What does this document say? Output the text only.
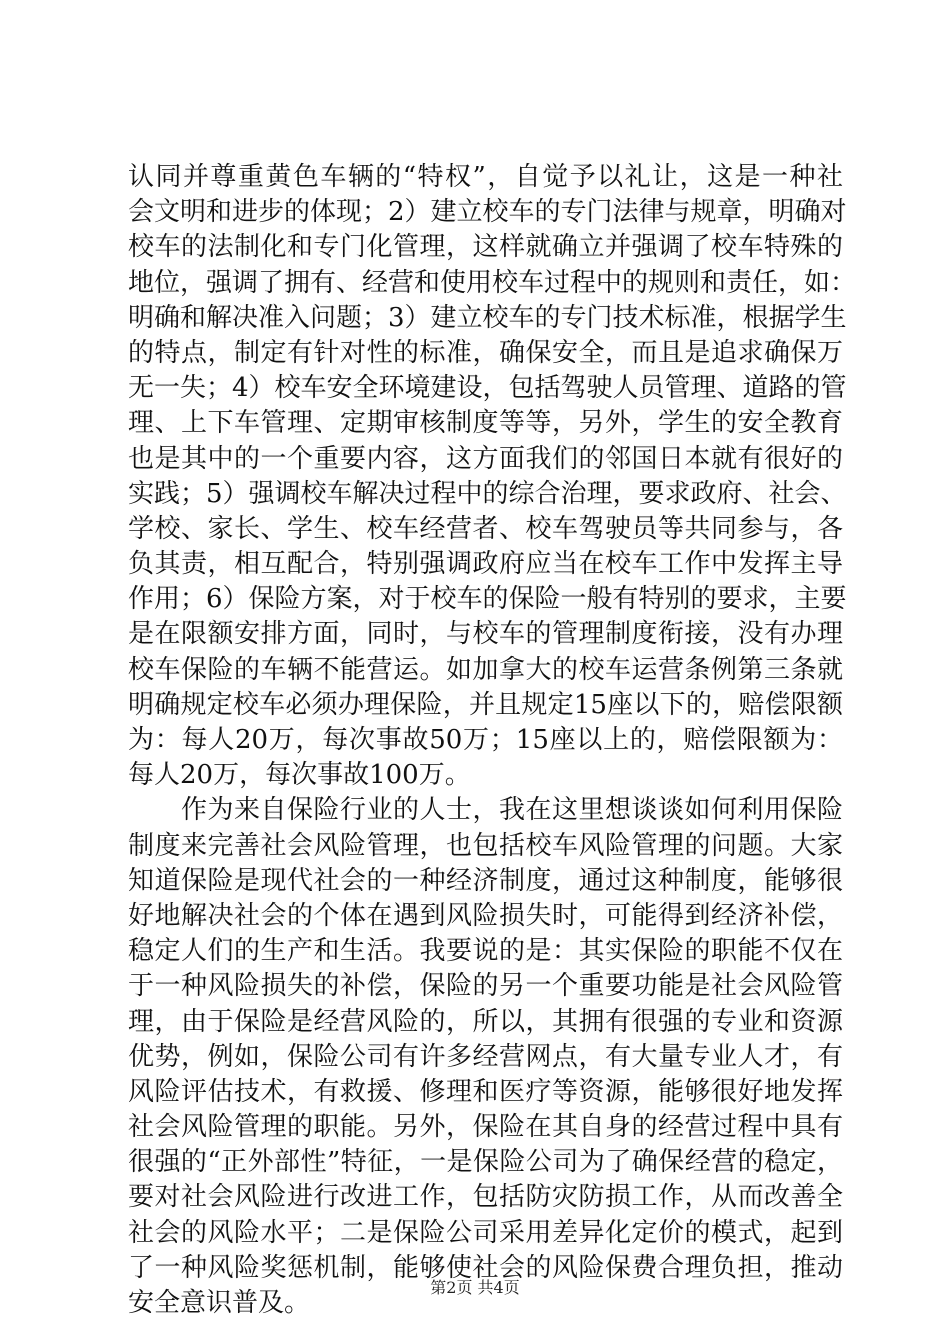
认同并尊重黄色车辆的“特权”，自觉予以礼让，这是一种社
会文明和进步的体现；2）建立校车的专门法律与规章，明确对
校车的法制化和专门化管理，这样就确立并强调了校车特殊的
地位，强调了拥有、经营和使用校车过程中的规则和责任，如：
明确和解决准入问题；3）建立校车的专门技术标准，根据学生
的特点，制定有针对性的标准，确保安全，而且是追求确保万
无一失；4）校车安全环境建设，包括驾驶人员管理、道路的管
理、上下车管理、定期审核制度等等，另外，学生的安全教育
也是其中的一个重要内容，这方面我们的邻国日本就有很好的
实践；5）强调校车解决过程中的综合治理，要求政府、社会、
学校、家长、学生、校车经营者、校车驾驶员等共同参与，各
负其责，相互配合，特别强调政府应当在校车工作中发挥主导
作用；6）保险方案，对于校车的保险一般有特别的要求，主要
是在限额安排方面，同时，与校车的管理制度衔接，没有办理
校车保险的车辆不能营运。如加拿大的校车运营条例第三条就
明确规定校车必须办理保险，并且规定15座以下的，赔偿限额
为：每人20万，每次事故50万；15座以上的，赔偿限额为：
每人20万，每次事故100万。
　　作为来自保险行业的人士，我在这里想谈谈如何利用保险
制度来完善社会风险管理，也包括校车风险管理的问题。大家
知道保险是现代社会的一种经济制度，通过这种制度，能够很
好地解决社会的个体在遇到风险损失时，可能得到经济补偿，
稳定人们的生产和生活。我要说的是：其实保险的职能不仅在
于一种风险损失的补偿，保险的另一个重要功能是社会风险管
理，由于保险是经营风险的，所以，其拥有很强的专业和资源
优势，例如，保险公司有许多经营网点，有大量专业人才，有
风险评估技术，有救援、修理和医疗等资源，能够很好地发挥
社会风险管理的职能。另外，保险在其自身的经营过程中具有
很强的“正外部性”特征，一是保险公司为了确保经营的稳定，
要对社会风险进行改进工作，包括防灾防损工作，从而改善全
社会的风险水平；二是保险公司采用差异化定价的模式，起到
了一种风险奖惩机制，能够使社会的风险保费合理负担，推动
安全意识普及。
第2页 共4页
